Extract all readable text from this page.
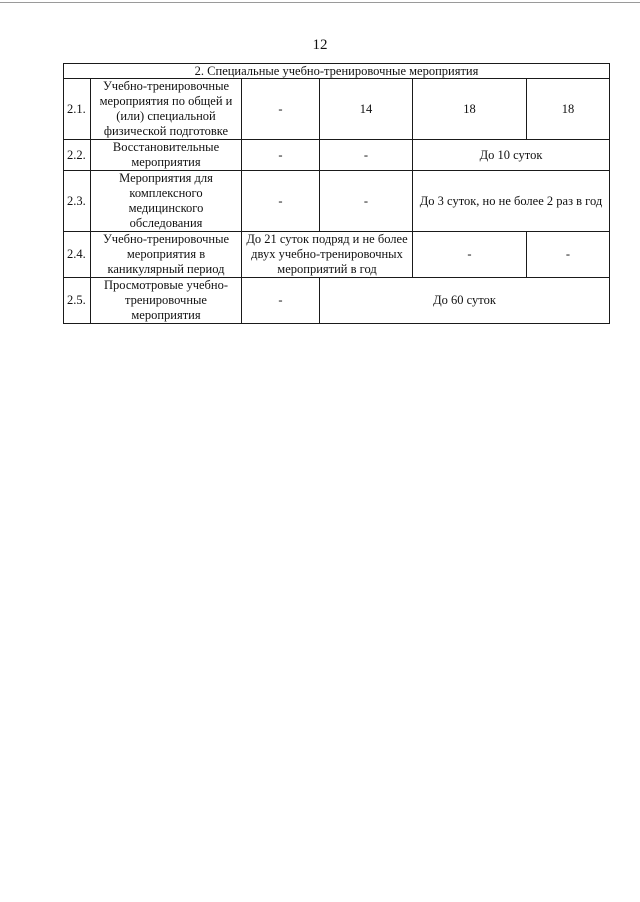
12
2. Специальные учебно-тренировочные мероприятия					
2.1.	Учебно-тренировочные мероприятия по общей и (или) специальной физической подготовке	-	14	18	18
2.2.	Восстановительные мероприятия	-	-	До 10 суток	
2.3.	Мероприятия для комплексного медицинского обследования	-	-	До 3 суток, но не более 2 раз в год	
2.4.	Учебно-тренировочные мероприятия в каникулярный период	До 21 суток подряд и не более двух учебно-тренировочных мероприятий в год		-	-
2.5.	Просмотровые учебно-тренировочные мероприятия	-	До 60 суток		
